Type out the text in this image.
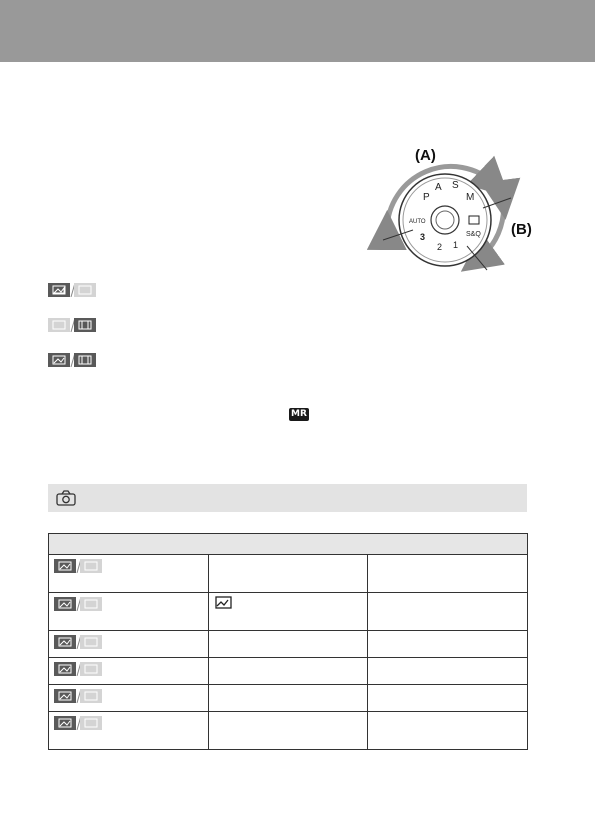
(A)
(B)
P
A S
M
AUTO
3
2 1
S&Q
MR
